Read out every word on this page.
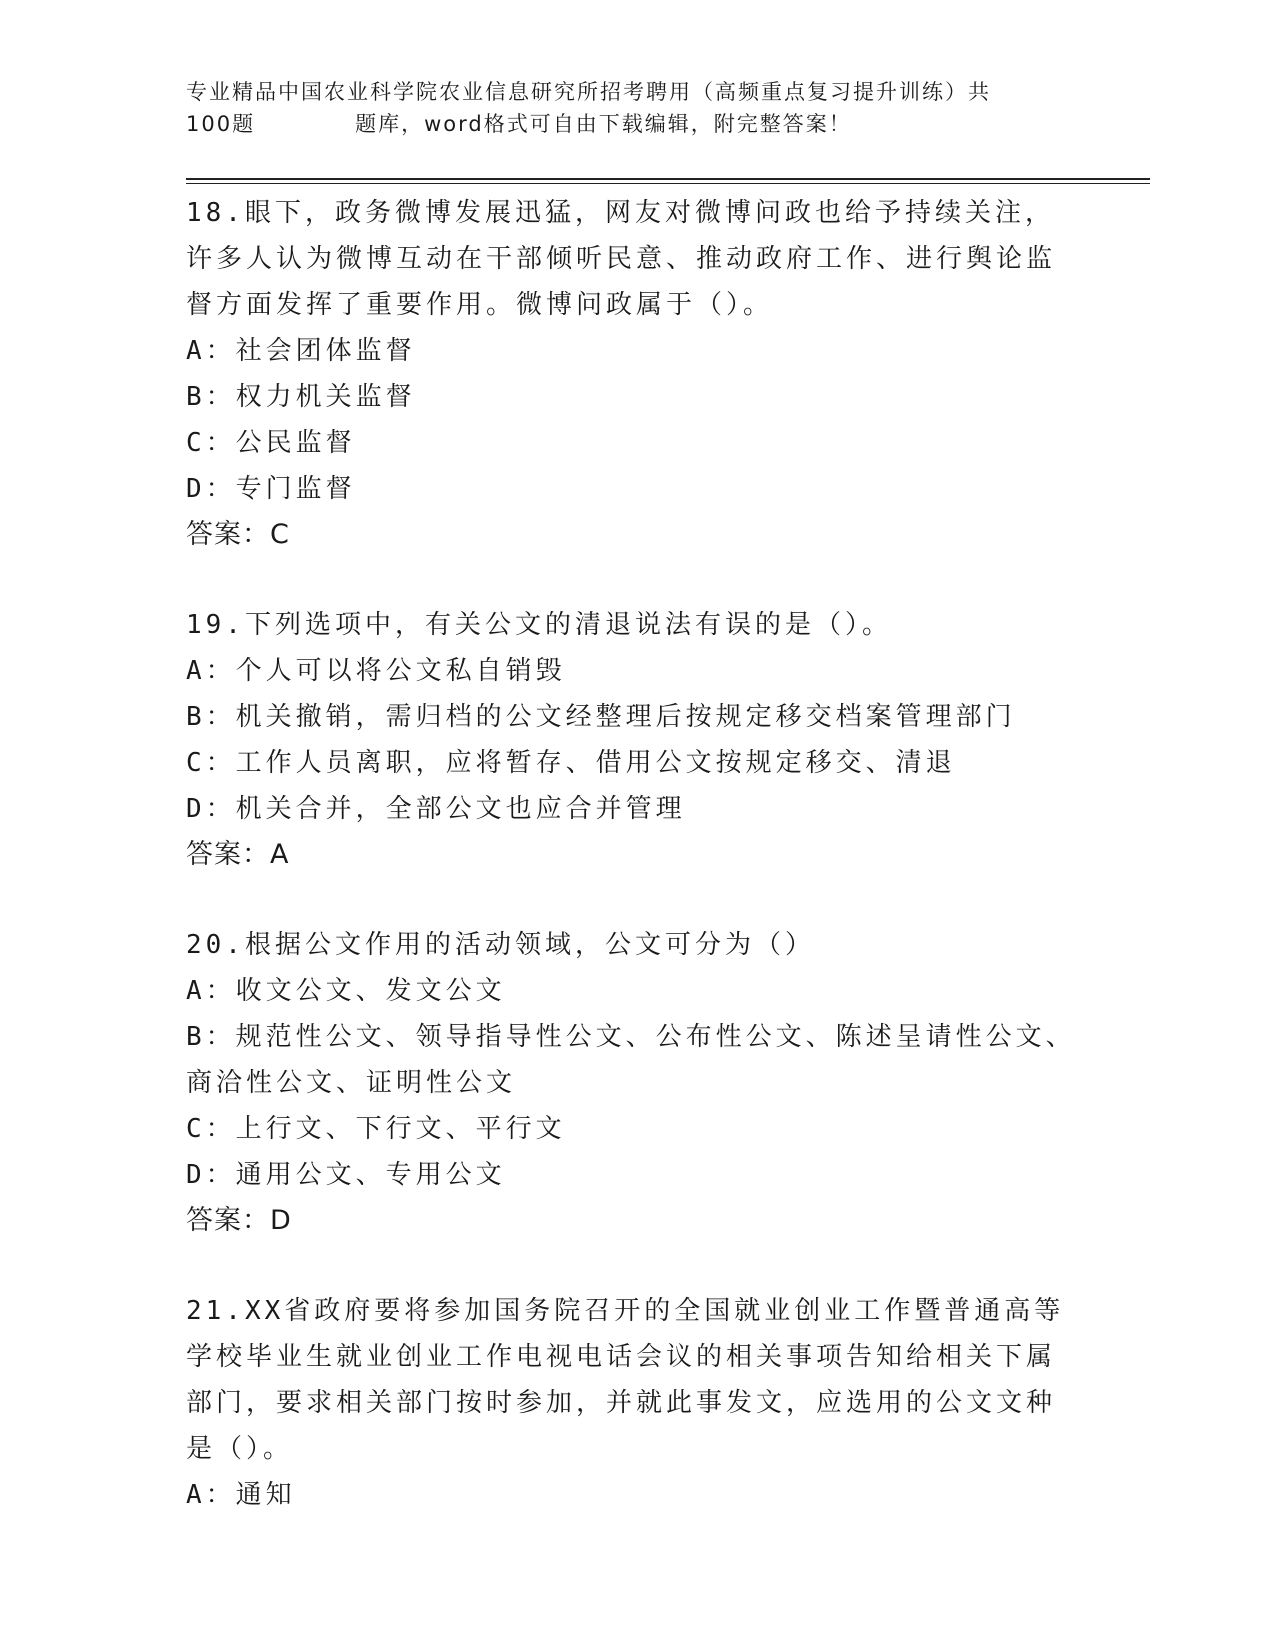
专业精品中国农业科学院农业信息研究所招考聘用（高频重点复习提升训练）共
100题	题库，word格式可自由下载编辑，附完整答案！

18.眼下，政务微博发展迅猛，网友对微博问政也给予持续关注，许多人认为微博互动在干部倾听民意、推动政府工作、进行舆论监督方面发挥了重要作用。微博问政属于（）。

A：社会团体监督

B：权力机关监督

C：公民监督

D：专门监督

答案：C

19.下列选项中，有关公文的清退说法有误的是（）。

A：个人可以将公文私自销毁

B：机关撤销，需归档的公文经整理后按规定移交档案管理部门

C：工作人员离职，应将暂存、借用公文按规定移交、清退

D：机关合并，全部公文也应合并管理

答案：A

20.根据公文作用的活动领域，公文可分为（）

A：收文公文、发文公文

B：规范性公文、领导指导性公文、公布性公文、陈述呈请性公文、商洽性公文、证明性公文

C：上行文、下行文、平行文

D：通用公文、专用公文

答案：D

21.XX省政府要将参加国务院召开的全国就业创业工作暨普通高等学校毕业生就业创业工作电视电话会议的相关事项告知给相关下属部门，要求相关部门按时参加，并就此事发文，应选用的公文文种是（）。

A：通知
